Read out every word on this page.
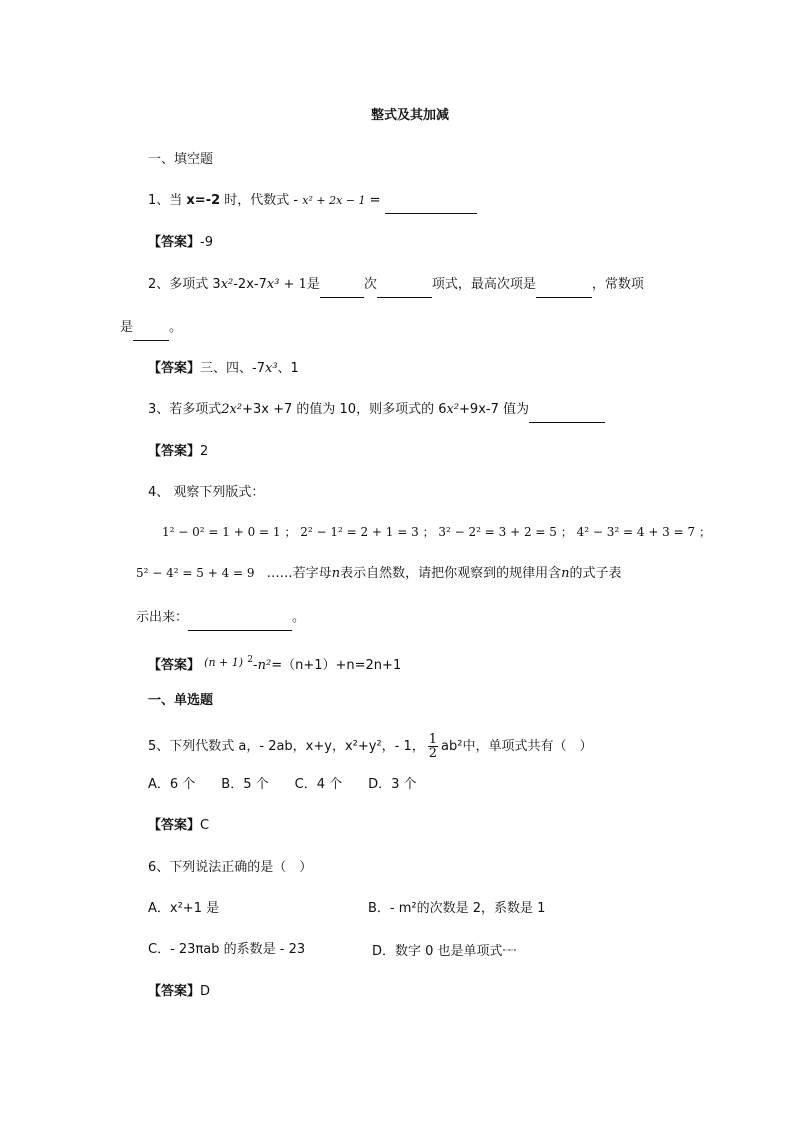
整式及其加减
一、填空题
1、当 x=-2 时，代数式 - x² + 2x − 1 =
【答案】-9
2、多项式 3x²-2x-7x³ + 1是	次	项式，最高次项是	，常数项
是	。
【答案】三、四、-7x³、1
3、若多项式2x²+3x +7 的值为 10，则多项式的 6x²+9x-7 值为
【答案】2
4、 观察下列版式：
1² − 0² = 1 + 0 = 1 ； 2² − 1² = 2 + 1 = 3 ； 3² − 2² = 3 + 2 = 5 ； 4² − 3² = 4 + 3 = 7 ；
5² − 4² = 5 + 4 = 9 ……若字母n表示自然数，请把你观察到的规律用含n的式子表
示出来：	。
【答案】 $^{(n + 1)}$ $^2$-n²=（n+1）+n=2n+1
一、单选题
5、下列代数式 a，- 2ab，x+y，x²+y²，- 1， $\frac{1}{2} ab^2$中，单项式共有（　）
A．6 个　　B．5 个　　C．4 个　　D．3 个
【答案】C
6、下列说法正确的是（　）
A．x²+1 是	B．- m²的次数是 2，系数是 1
C．- 23πab 的系数是 - 23	D．数字 0 也是单项式▪▫▪▫▪
【答案】D
